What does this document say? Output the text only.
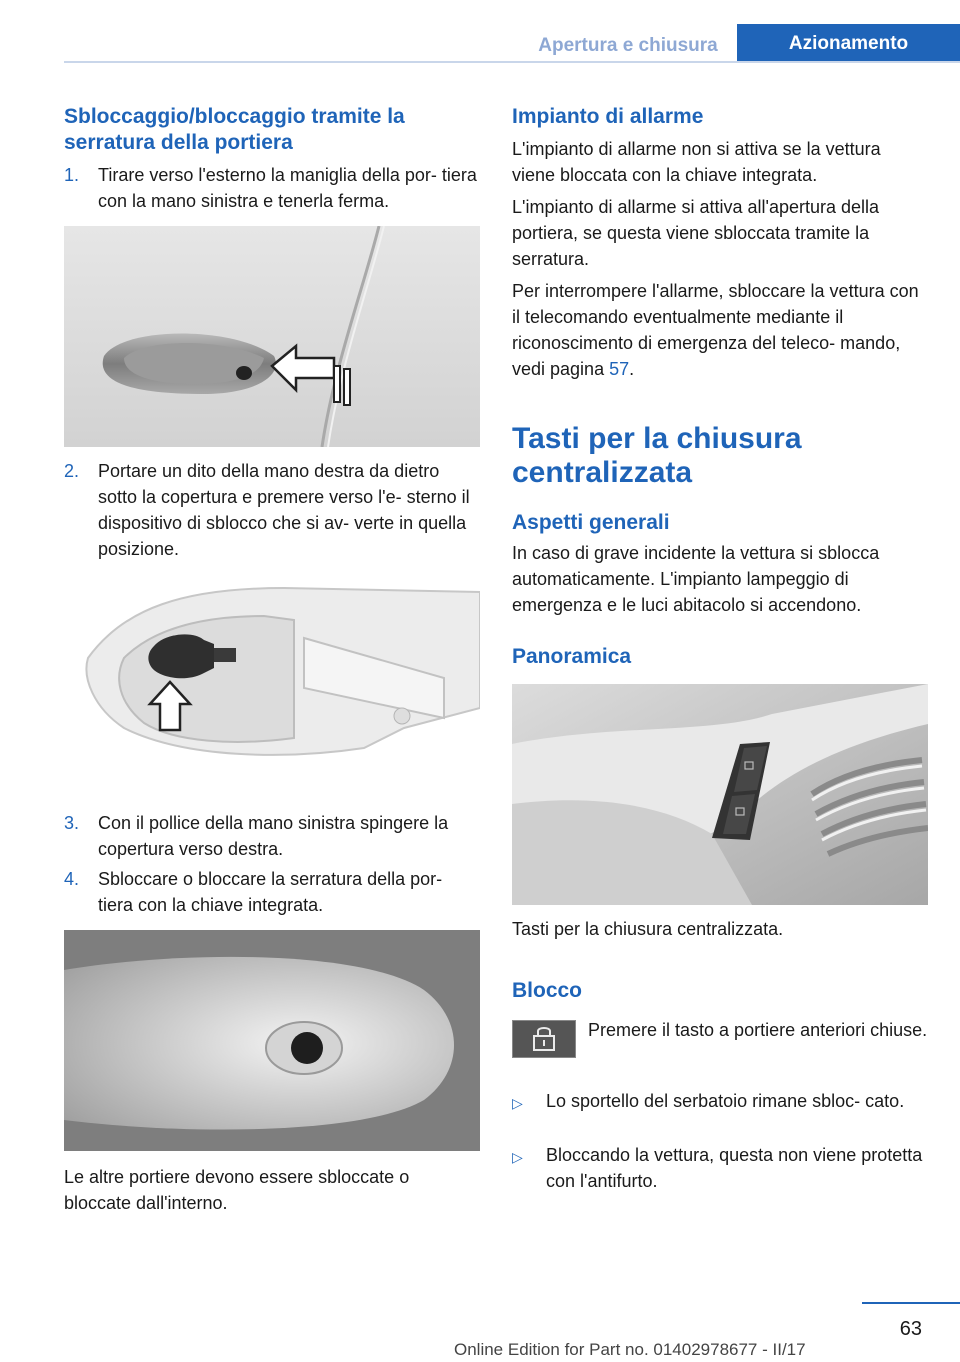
Apertura e chiusura	Azionamento
Sbloccaggio/bloccaggio tramite la serratura della portiera
1.	Tirare verso l'esterno la maniglia della por‐ tiera con la mano sinistra e tenerla ferma.
2.	Portare un dito della mano destra da dietro sotto la copertura e premere verso l'e‐ sterno il dispositivo di sblocco che si av‐ verte in quella posizione.
3.	Con il pollice della mano sinistra spingere la copertura verso destra.
4.	Sbloccare o bloccare la serratura della por‐ tiera con la chiave integrata.

Le altre portiere devono essere sbloccate o bloccate dall'interno.

Impianto di allarme

L'impianto di allarme non si attiva se la vettura viene bloccata con la chiave integrata.

L'impianto di allarme si attiva all'apertura della portiera, se questa viene sbloccata tramite la serratura.

Per interrompere l'allarme, sbloccare la vettura con il telecomando eventualmente mediante il riconoscimento di emergenza del teleco‐ mando, vedi pagina 57.

Tasti per la chiusura centralizzata
Aspetti generali

In caso di grave incidente la vettura si sblocca automaticamente. L'impianto lampeggio di emergenza e le luci abitacolo si accendono.

Panoramica

Tasti per la chiusura centralizzata.

Blocco

Premere il tasto a portiere anteriori chiuse.

▷	Lo sportello del serbatoio rimane sbloc‐ cato.
▷	Bloccando la vettura, questa non viene protetta con l'antifurto.
63
Online Edition for Part no. 01402978677 - II/17
